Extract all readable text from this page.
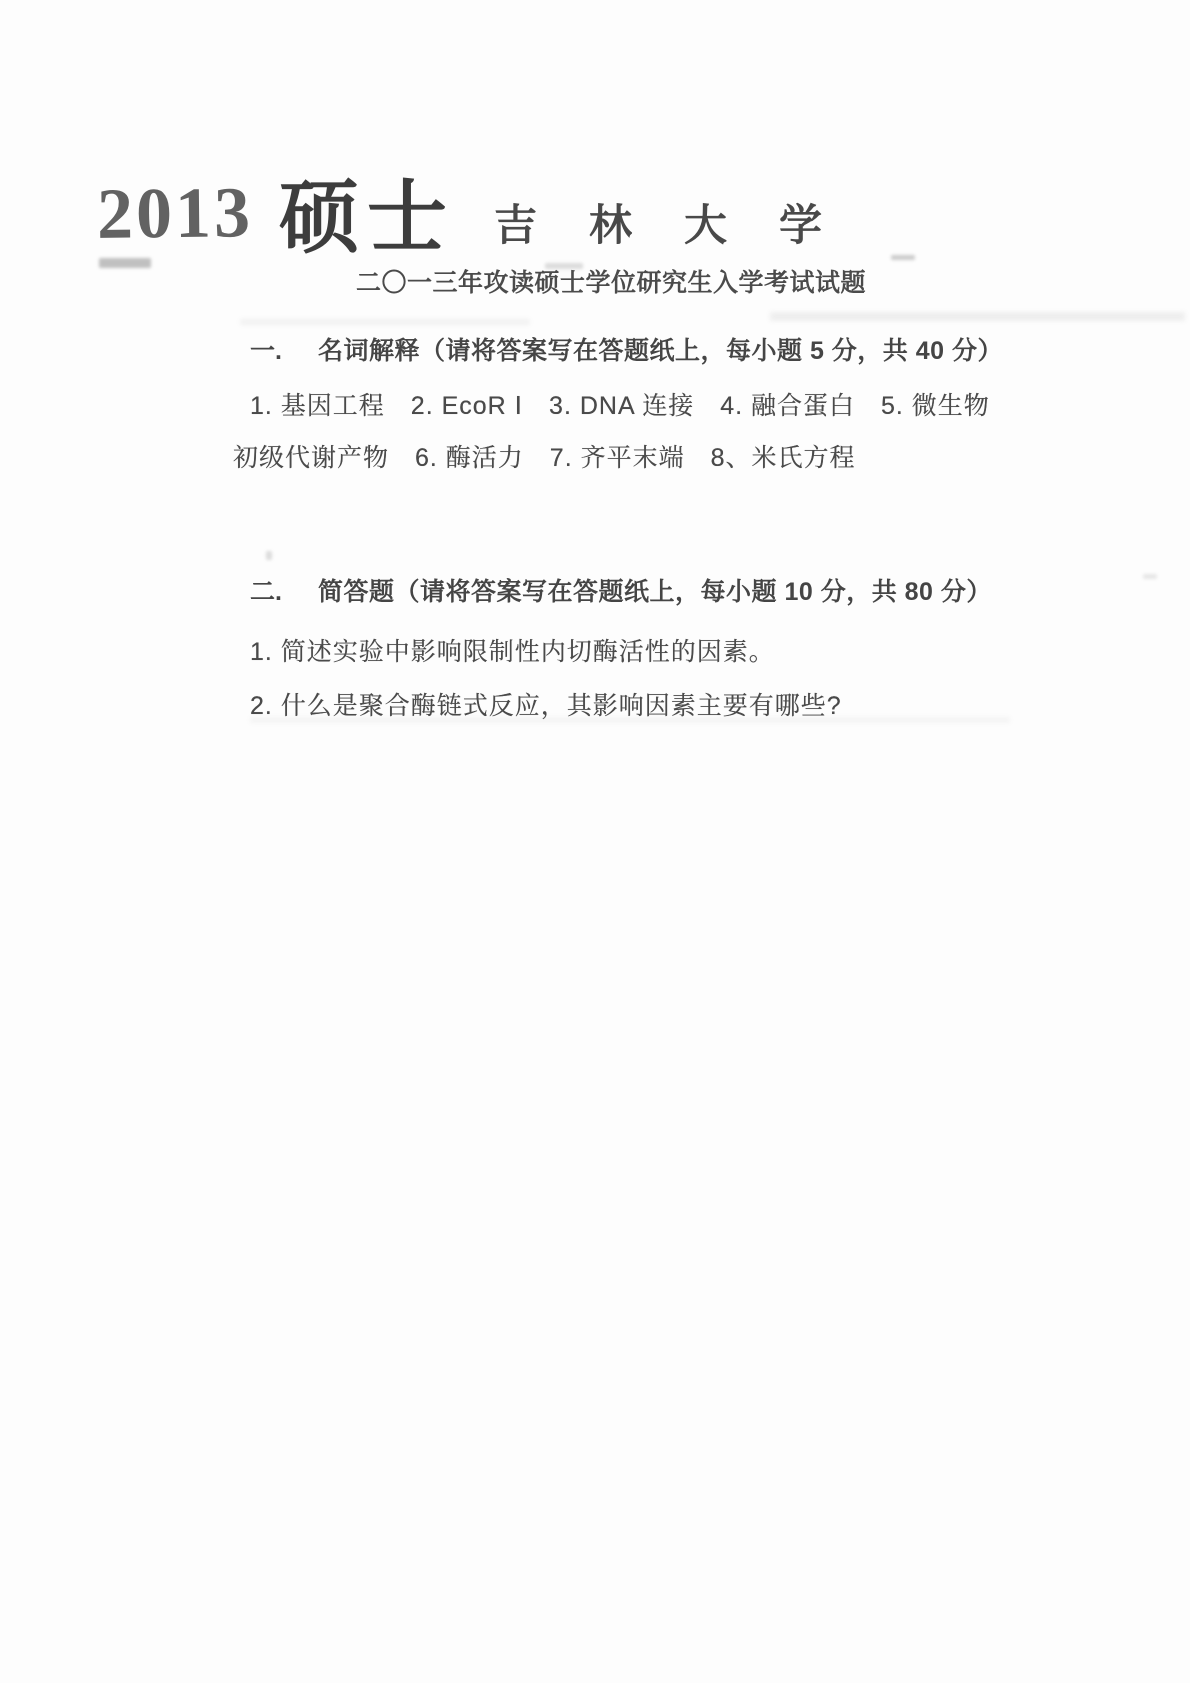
2013 硕士 吉林大学
二〇一三年攻读硕士学位研究生入学考试试题
一.	名词解释（请将答案写在答题纸上，每小题 5 分，共 40 分）
1. 基因工程　2. EcoR Ⅰ　3. DNA 连接　4. 融合蛋白　5. 微生物
初级代谢产物　6. 酶活力　7. 齐平末端　8、米氏方程
二.	简答题（请将答案写在答题纸上，每小题 10 分，共 80 分）
1. 简述实验中影响限制性内切酶活性的因素。
2. 什么是聚合酶链式反应，其影响因素主要有哪些?
